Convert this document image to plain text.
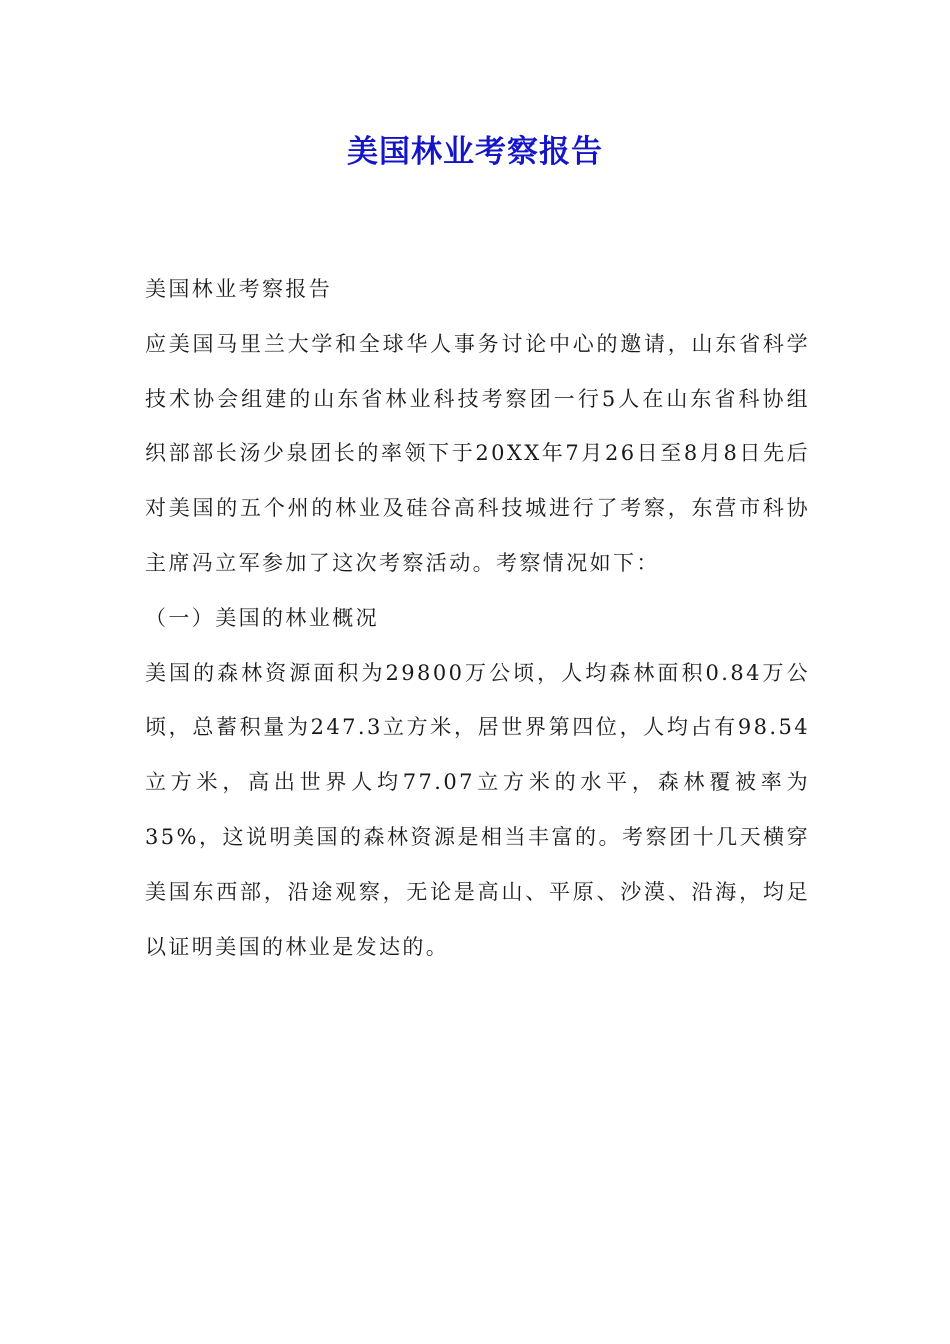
美国林业考察报告

美国林业考察报告

应美国马里兰大学和全球华人事务讨论中心的邀请，山东省科学技术协会组建的山东省林业科技考察团一行5人在山东省科协组织部部长汤少泉团长的率领下于20XX年7月26日至8月8日先后对美国的五个州的林业及硅谷高科技城进行了考察，东营市科协主席冯立军参加了这次考察活动。考察情况如下：

（一）美国的林业概况

美国的森林资源面积为29800万公顷，人均森林面积0.84万公顷，总蓄积量为247.3立方米，居世界第四位，人均占有98.54立方米，高出世界人均77.07立方米的水平，森林覆被率为35%，这说明美国的森林资源是相当丰富的。考察团十几天横穿美国东西部，沿途观察，无论是高山、平原、沙漠、沿海，均足以证明美国的林业是发达的。
